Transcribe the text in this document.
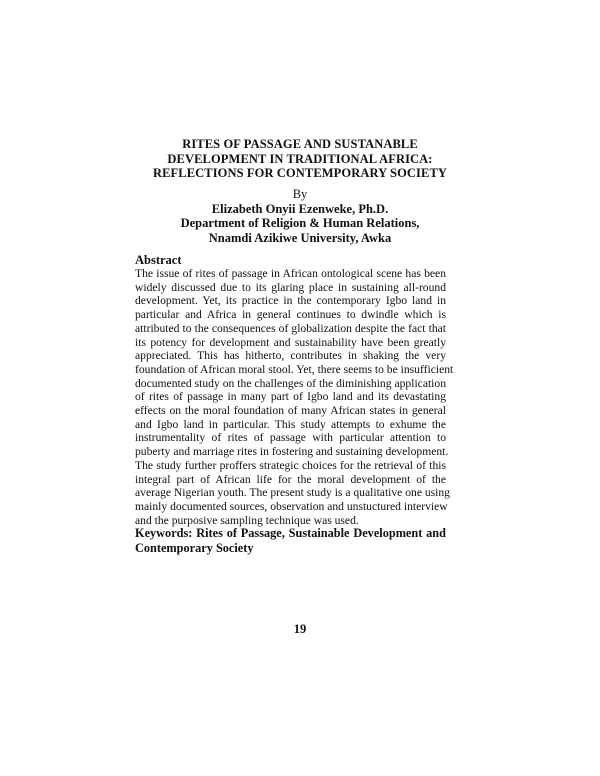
RITES OF PASSAGE AND SUSTANABLE
DEVELOPMENT IN TRADITIONAL AFRICA:
REFLECTIONS FOR CONTEMPORARY SOCIETY
By
Elizabeth Onyii Ezenweke, Ph.D.
Department of Religion & Human Relations,
Nnamdi Azikiwe University, Awka
Abstract
The issue of rites of passage in African ontological scene has been
widely discussed due to its glaring place in sustaining all-round
development. Yet, its practice in the contemporary Igbo land in
particular and Africa in general continues to dwindle which is
attributed to the consequences of globalization despite the fact that
its potency for development and sustainability have been greatly
appreciated. This has hitherto, contributes in shaking the very
foundation of African moral stool. Yet, there seems to be insufficient
documented study on the challenges of the diminishing application
of rites of passage in many part of Igbo land and its devastating
effects on the moral foundation of many African states in general
and Igbo land in particular. This study attempts to exhume the
instrumentality of rites of passage with particular attention to
puberty and marriage rites in fostering and sustaining development.
The study further proffers strategic choices for the retrieval of this
integral part of African life for the moral development of the
average Nigerian youth. The present study is a qualitative one using
mainly documented sources, observation and unstuctured interview
and the purposive sampling technique was used.
Keywords: Rites of Passage, Sustainable Development and
Contemporary Society
19
